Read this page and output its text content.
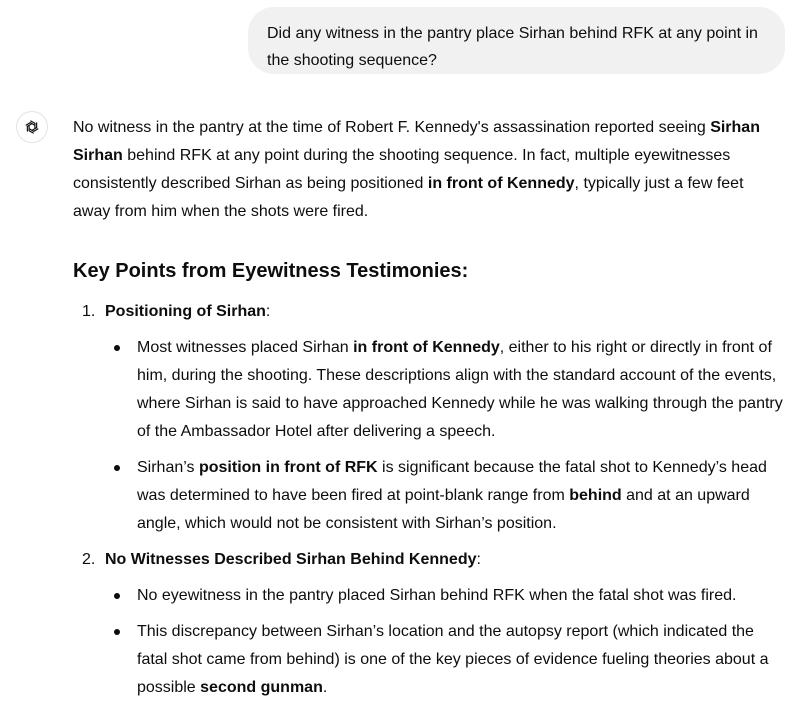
Did any witness in the pantry place Sirhan behind RFK at any point in the shooting sequence?

No witness in the pantry at the time of Robert F. Kennedy's assassination reported seeing Sirhan Sirhan behind RFK at any point during the shooting sequence. In fact, multiple eyewitnesses consistently described Sirhan as being positioned in front of Kennedy, typically just a few feet away from him when the shots were fired.

Key Points from Eyewitness Testimonies:
1. Positioning of Sirhan:
Most witnesses placed Sirhan in front of Kennedy, either to his right or directly in front of him, during the shooting. These descriptions align with the standard account of the events, where Sirhan is said to have approached Kennedy while he was walking through the pantry of the Ambassador Hotel after delivering a speech.
Sirhan’s position in front of RFK is significant because the fatal shot to Kennedy’s head was determined to have been fired at point-blank range from behind and at an upward angle, which would not be consistent with Sirhan’s position.
2. No Witnesses Described Sirhan Behind Kennedy:
No eyewitness in the pantry placed Sirhan behind RFK when the fatal shot was fired.
This discrepancy between Sirhan’s location and the autopsy report (which indicated the fatal shot came from behind) is one of the key pieces of evidence fueling theories about a possible second gunman.
